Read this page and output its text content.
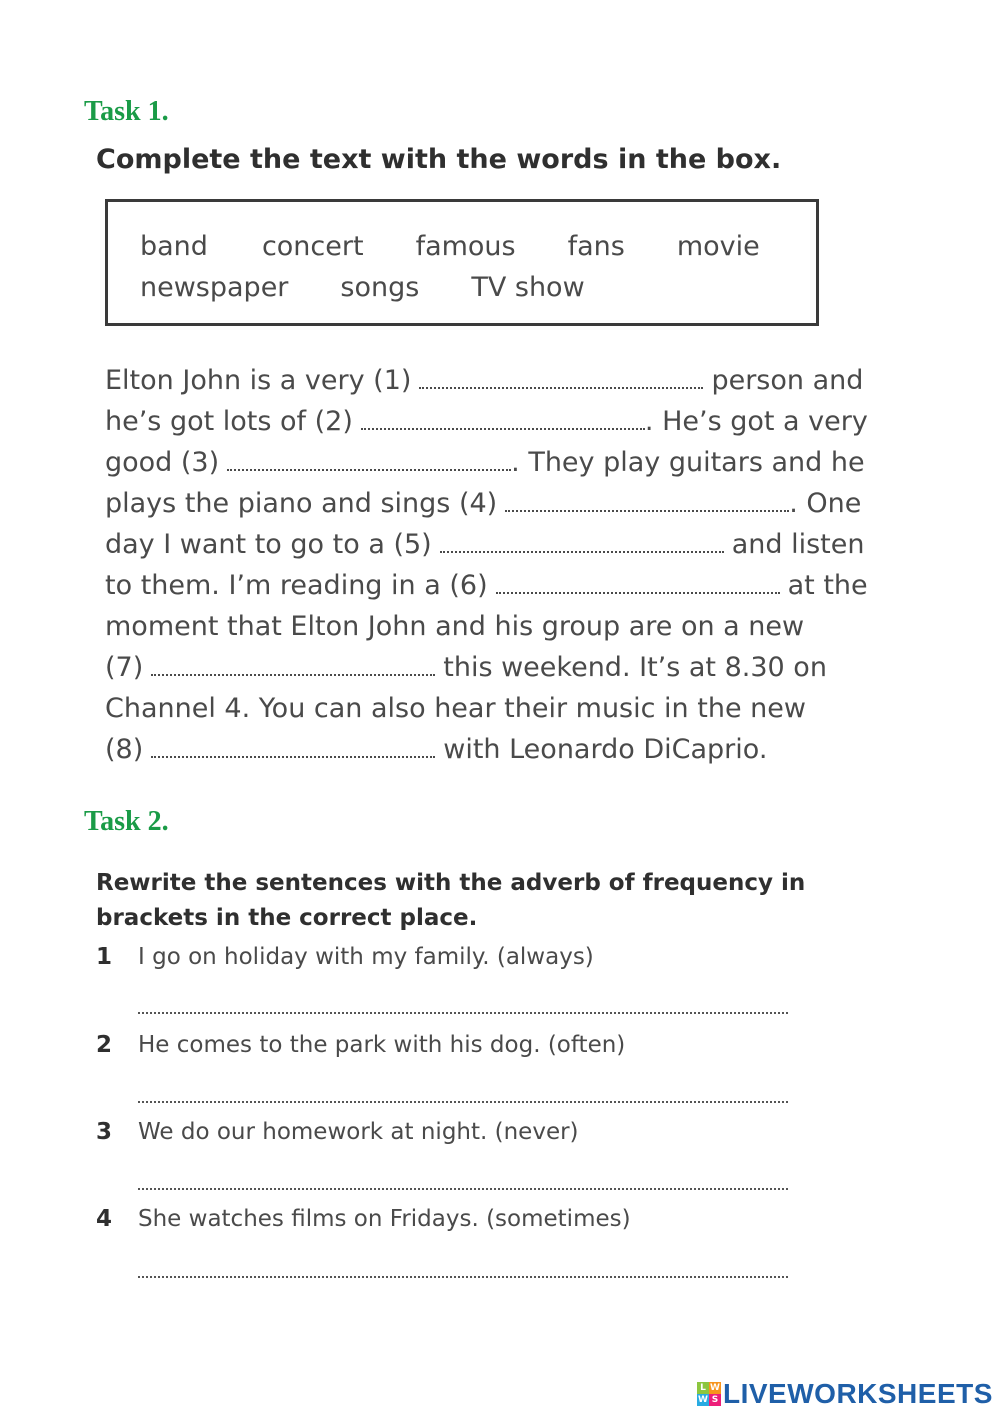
Task 1.
Complete the text with the words in the box.
band concert famous fans movie
newspaper songs TV show
Elton John is a very (1)	person and
he’s got lots of (2)	. He’s got a very
good (3)	. They play guitars and he
plays the piano and sings (4)	. One
day I want to go to a (5)	and listen
to them. I’m reading in a (6)	at the
moment that Elton John and his group are on a new
(7)	this weekend. It’s at 8.30 on
Channel 4. You can also hear their music in the new
(8)	with Leonardo DiCaprio.
Task 2.
Rewrite the sentences with the adverb of frequency in brackets in the correct place.
1 I go on holiday with my family. (always)
2 He comes to the park with his dog. (often)
3 We do our homework at night. (never)
4 She watches films on Fridays. (sometimes)
L W
W S LIVEWORKSHEETS
